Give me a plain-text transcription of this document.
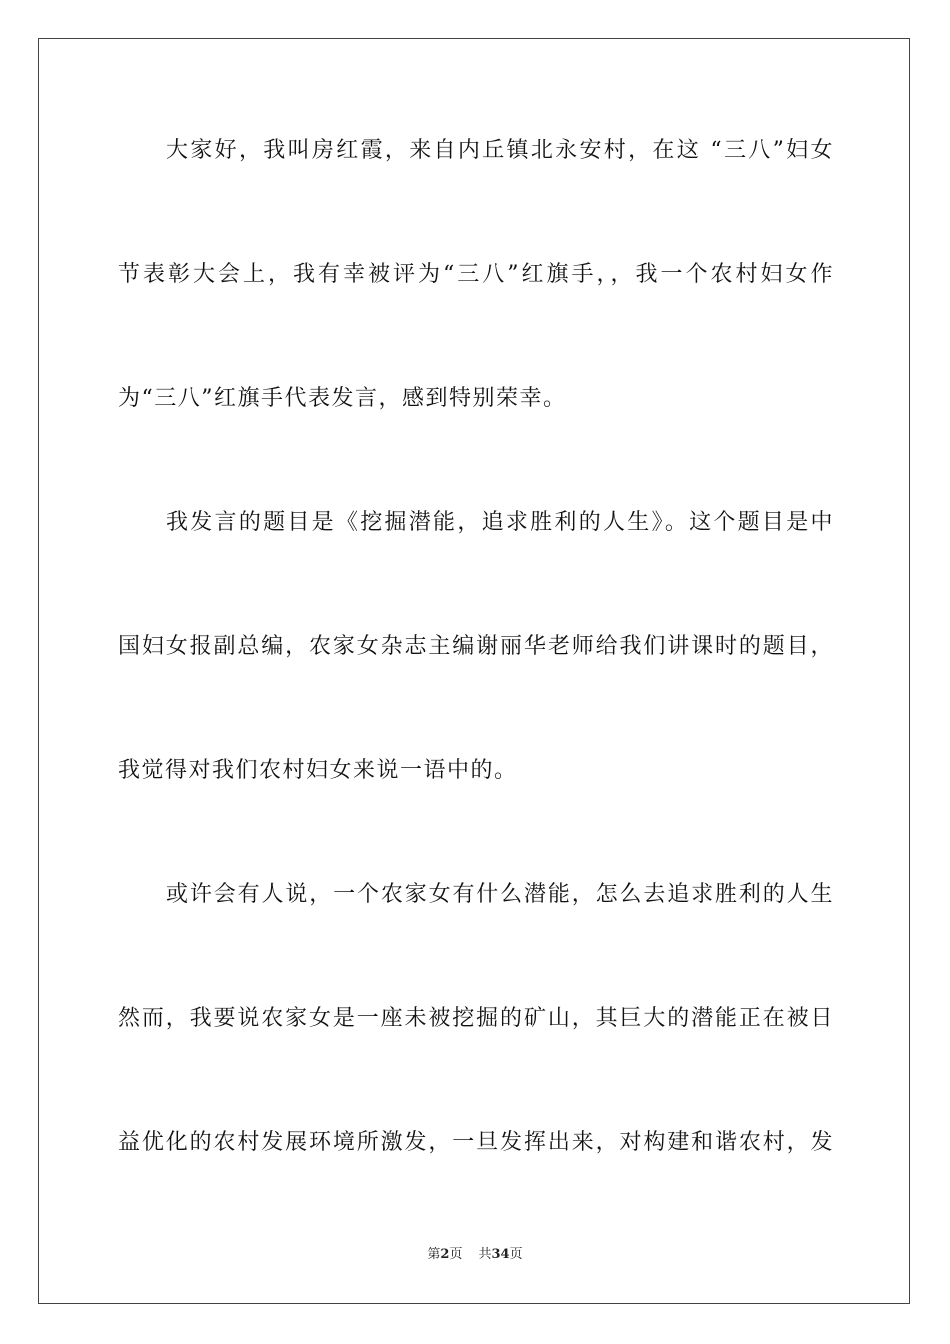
大家好，我叫房红霞，来自内丘镇北永安村，在这 “三八”妇女
节表彰大会上，我有幸被评为“三八”红旗手，，我一个农村妇女作
为“三八”红旗手代表发言，感到特别荣幸。
我发言的题目是《挖掘潜能，追求胜利的人生》。这个题目是中
国妇女报副总编，农家女杂志主编谢丽华老师给我们讲课时的题目，
我觉得对我们农村妇女来说一语中的。
或许会有人说，一个农家女有什么潜能，怎么去追求胜利的人生
然而，我要说农家女是一座未被挖掘的矿山，其巨大的潜能正在被日
益优化的农村发展环境所激发，一旦发挥出来，对构建和谐农村，发
第2页 共34页
